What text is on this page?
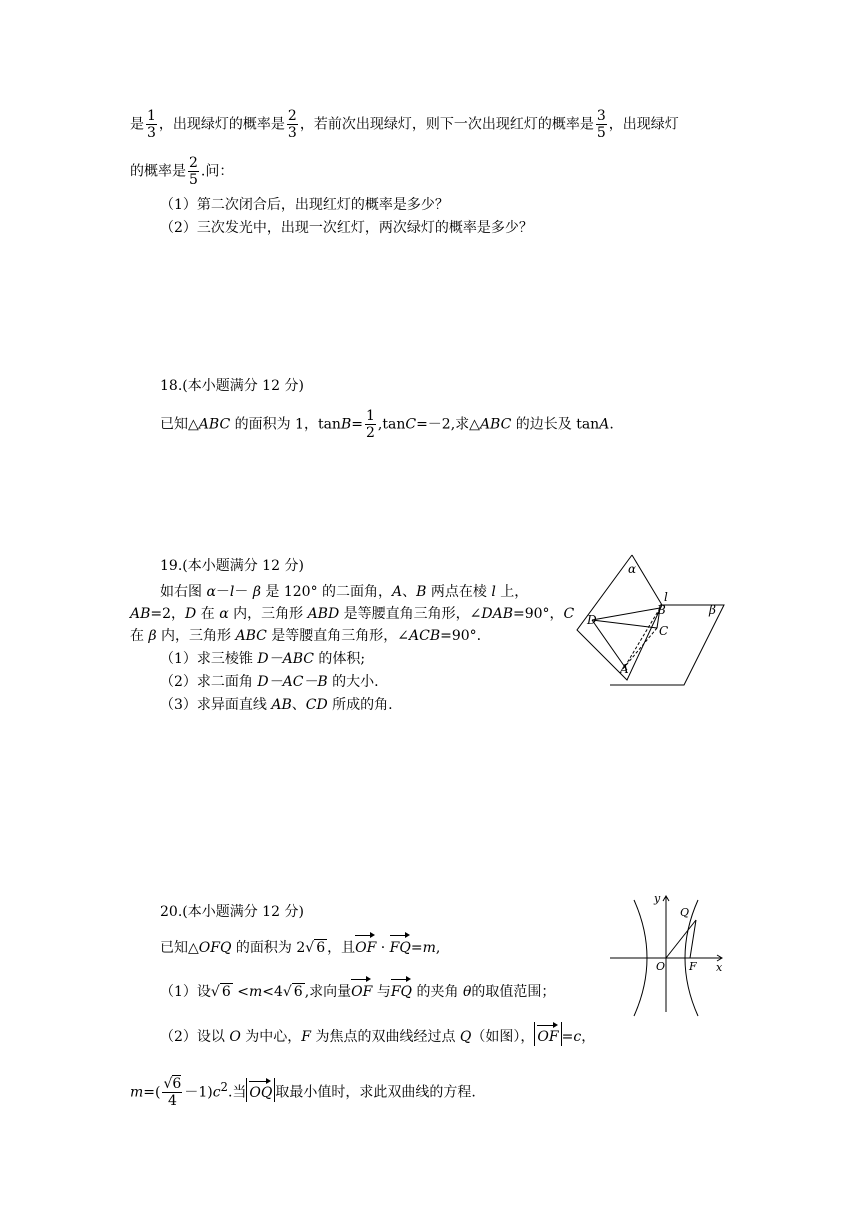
是 $\frac{1}{3}$ ，出现绿灯的概率是 $\frac{2}{3}$ ，若前次出现绿灯，则下一次出现红灯的概率是 $\frac{3}{5}$ ，出现绿灯
的概率是 $\frac{2}{5}$ .问：
（1）第二次闭合后，出现红灯的概率是多少？
（2）三次发光中，出现一次红灯，两次绿灯的概率是多少？
18.(本小题满分 12 分)
已知△ABC 的面积为 1，$\tan B= \frac{1}{2} ,\tan C=-2$,求△ABC 的边长及 tanA.
19.(本小题满分 12 分)
如右图 α－l－ β 是 120° 的二面角，A、B 两点在棱 l 上，
AB=2，D 在 α 内，三角形 ABD 是等腰直角三角形，∠DAB=90°，C
在 β 内，三角形 ABC 是等腰直角三角形，∠ACB=90°.
（1）求三棱锥 D－ABC 的体积;
（2）求二面角 D－AC－B 的大小.
（3）求异面直线 AB、CD 所成的角.
α
l
β
D
B
C
A
20.(本小题满分 12 分)
已知△OFQ 的面积为 2√ 6 ，且OF · FQ=m,
（1）设√ 6 <m<4√ 6 ,求向量OF 与FQ 的夹角 θ的取值范围；
（2）设以 O 为中心，F 为焦点的双曲线经过点 Q（如图）， OF =c，
$m=( \frac{√6}{4} -1)c^2$.当 OQ 取最小值时，求此双曲线的方程.
y
Q
O F x
